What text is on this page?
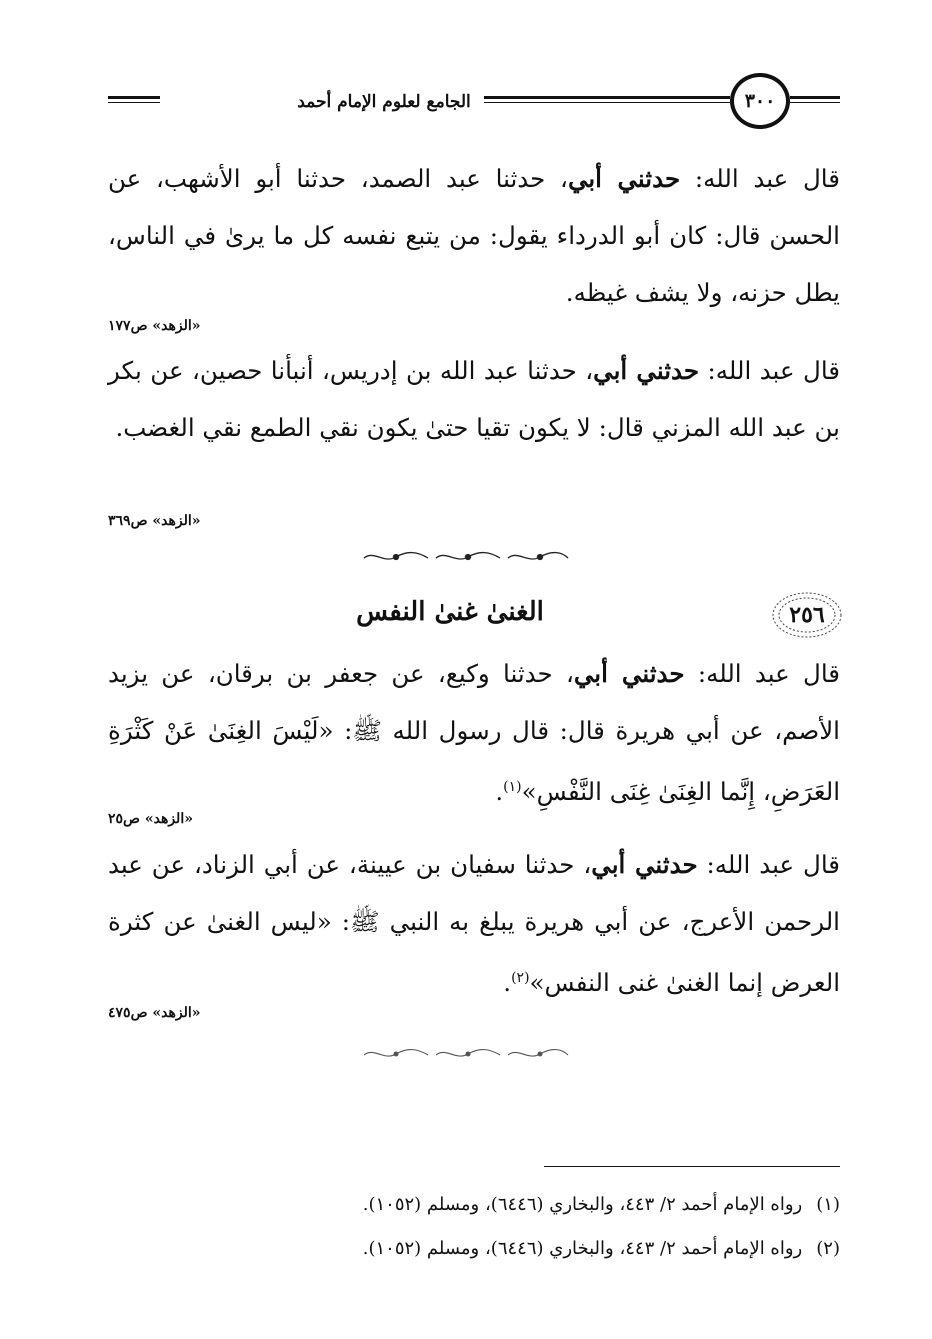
الجامع لعلوم الإمام أحمد	٣٠٠
قال عبد الله: حدثني أبي، حدثنا عبد الصمد، حدثنا أبو الأشهب، عن الحسن قال: كان أبو الدرداء يقول: من يتبع نفسه كل ما يرىٰ في الناس، يطل حزنه، ولا يشف غيظه.
«الزهد» ص١٧٧
قال عبد الله: حدثني أبي، حدثنا عبد الله بن إدريس، أنبأنا حصين، عن بكر بن عبد الله المزني قال: لا يكون تقيا حتىٰ يكون نقي الطمع نقي الغضب.
«الزهد» ص٣٦٩
٢٥٦
الغنىٰ غنىٰ النفس
قال عبد الله: حدثني أبي، حدثنا وكيع، عن جعفر بن برقان، عن يزيد الأصم، عن أبي هريرة قال: قال رسول الله ﷺ: «لَيْسَ الغِنَىٰ عَنْ كَثْرَةِ العَرَضِ، إِنَّما الغِنَىٰ غِنَى النَّفْسِ»$^{(١)}$.
«الزهد» ص٢٥
قال عبد الله: حدثني أبي، حدثنا سفيان بن عيينة، عن أبي الزناد، عن عبد الرحمن الأعرج، عن أبي هريرة يبلغ به النبي ﷺ: «ليس الغنىٰ عن كثرة العرض إنما الغنىٰ غنى النفس»$^{(٢)}$.
«الزهد» ص٤٧٥
(١)رواه الإمام أحمد ٢/ ٤٤٣، والبخاري (٦٤٤٦)، ومسلم (١٠٥٢).
(٢)رواه الإمام أحمد ٢/ ٤٤٣، والبخاري (٦٤٤٦)، ومسلم (١٠٥٢).
